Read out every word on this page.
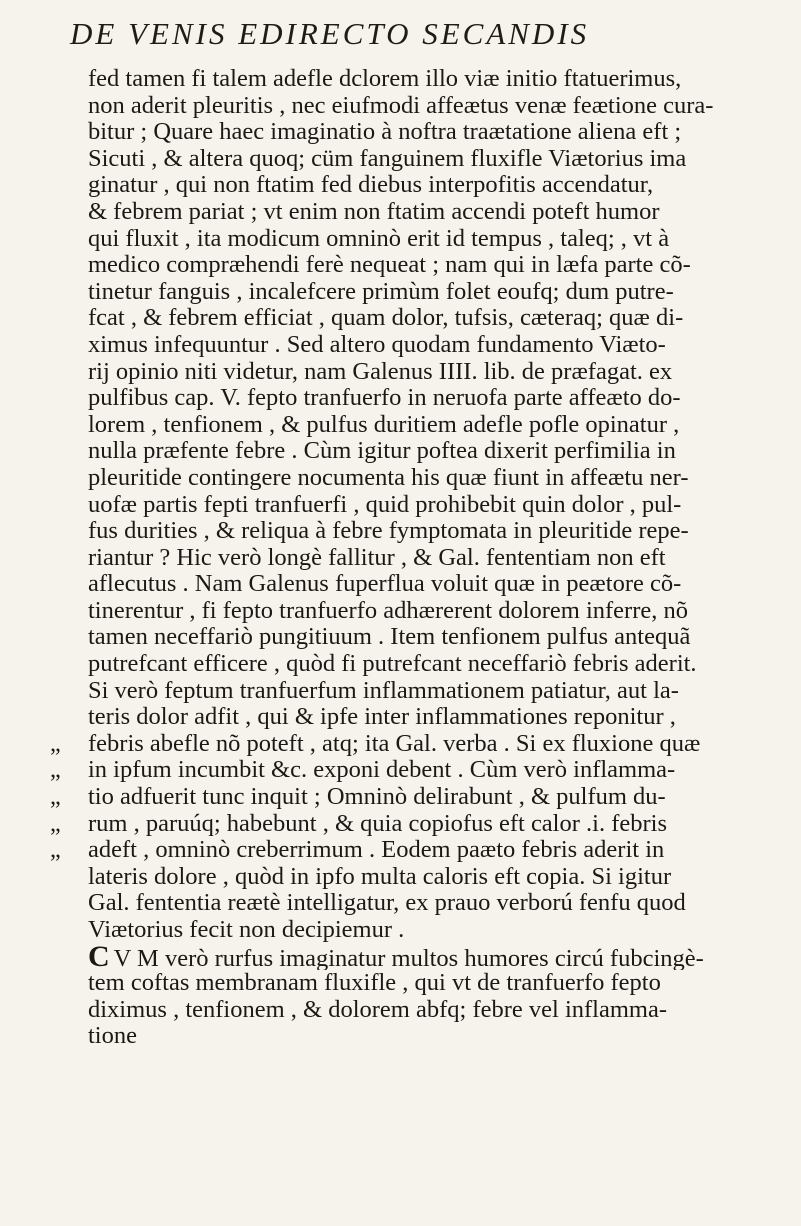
DE VENIS EDIRECTO SECANDIS
fed tamen fi talem adefle dclorem illo viæ initio ftatuerimus,
non aderit pleuritis , nec eiufmodi affeætus venæ feætione cura-
bitur ; Quare haec imaginatio à noftra traætatione aliena eft ;
Sicuti , & altera quoq; cüm fanguinem fluxifle Viætorius ima
ginatur , qui non ftatim fed diebus interpofitis accendatur,
& febrem pariat ; vt enim non ftatim accendi poteft humor
qui fluxit , ita modicum omninò erit id tempus , taleq; , vt à
medico compræhendi ferè nequeat ; nam qui in læfa parte cõ-
tinetur fanguis , incalefcere primùm folet eoufq; dum putre-
fcat , & febrem efficiat , quam dolor, tufsis, cæteraq; quæ di-
ximus infequuntur . Sed altero quodam fundamento Viæto-
rij opinio niti videtur, nam Galenus IIII. lib. de præfagat. ex
pulfibus cap. V. fepto tranfuerfo in neruofa parte affeæto do-
lorem , tenfionem , & pulfus duritiem adefle pofle opinatur ,
nulla præfente febre . Cùm igitur poftea dixerit perfimilia in
pleuritide contingere nocumenta his quæ fiunt in affeætu ner-
uofæ partis fepti tranfuerfi , quid prohibebit quin dolor , pul-
fus durities , & reliqua à febre fymptomata in pleuritide repe-
riantur ? Hic verò longè fallitur , & Gal. fententiam non eft
aflecutus . Nam Galenus fuperflua voluit quæ in peætore cõ-
tinerentur , fi fepto tranfuerfo adhærerent dolorem inferre, nõ
tamen neceffariò pungitiuum . Item tenfionem pulfus antequã
putrefcant efficere , quòd fi putrefcant neceffariò febris aderit.
Si verò feptum tranfuerfum inflammationem patiatur, aut la-
teris dolor adfit , qui & ipfe inter inflammationes reponitur ,
„	febris abefle nõ poteft , atq; ita Gal. verba . Si ex fluxione quæ
„	in ipfum incumbit &c. exponi debent . Cùm verò inflamma-
„	tio adfuerit tunc inquit ; Omninò delirabunt , & pulfum du-
„	rum , paruúq; habebunt , & quia copiofus eft calor .i. febris
„	adeft , omninò creberrimum . Eodem paæto febris aderit in
lateris dolore , quòd in ipfo multa caloris eft copia. Si igitur
Gal. fententia reætè intelligatur, ex prauo verború fenfu quod
Viætorius fecit non decipiemur .
C V M verò rurfus imaginatur multos humores circú fubcingè-
tem coftas membranam fluxifle , qui vt de tranfuerfo fepto
diximus , tenfionem , & dolorem abfq; febre vel inflamma-
tione
